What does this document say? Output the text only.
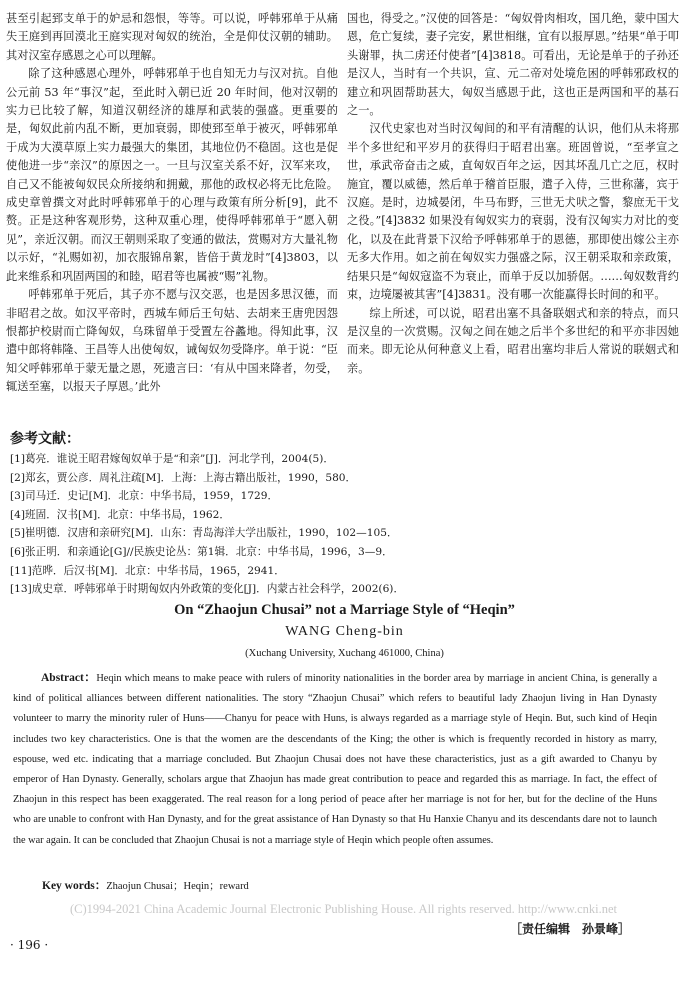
甚至引起郅支单于的妒忌和怨恨，等等。可以说，呼韩邪单于从痛失王庭到再回漠北王庭实现对匈奴的统治，全是仰仗汉朝的辅助。其对汉室存感恩之心可以理解。

除了这种感恩心理外，呼韩邪单于也自知无力与汉对抗。自他公元前 53 年“事汉”起，至此时入朝已近 20 年时间，他对汉朝的实力已比较了解，知道汉朝经济的雄厚和武装的强盛。更重要的是，匈奴此前内乱不断，更加衰弱，即使郅至单于被灭，呼韩邪单于成为大漠草原上实力最强大的集团，其地位仍不稳固。这也是促使他进一步“亲汉”的原因之一。一旦与汉室关系不好，汉军来攻，自己又不能被匈奴民众所接纳和拥戴，那他的政权必将无比危险。成史章曾撰文对此时呼韩邪单于的心理与政策有所分析[9]，此不赘。正是这种客观形势，这种双重心理，使得呼韩邪单于“愿入朝见”，亲近汉朝。而汉王朝则采取了变通的做法，赏赐对方大量礼物以示好，“礼赐如初，加衣服锦帛絮，皆倍于黄龙时”[4]3803，以此来维系和巩固两国的和睦，昭君等也属被“赐”礼物。

呼韩邪单于死后，其子亦不愿与汉交恶，也是因多思汉德，而非昭君之故。如汉平帝时，西城车师后王句姑、去胡来王唐兜因怨恨都护校尉而亡降匈奴，乌珠留单于受置左谷蠡地。得知此事，汉遣中郎将韩隆、王昌等人出使匈奴，诫匈奴勿受降序。单于说：“臣知父呼韩邪单于蒙无量之恩，死遗言曰：‘有从中国来降者，勿受，辄送至塞，以报天子厚恩。’此外

国也，得受之。”汉使的回答是：“匈奴骨肉相攻，国几绝，蒙中国大恩，危亡复续，妻子完安，累世相继，宜有以报厚恩。”结果“单于叩头谢罪，执二虏还付使者”[4]3818。可看出，无论是单于的子孙还是汉人，当时有一个共识，宣、元二帝对处境危困的呼韩邪政权的建立和巩固帮助甚大，匈奴当感恩于此，这也正是两国和平的基石之一。

汉代史家也对当时汉匈间的和平有清醒的认识，他们从未将那半个多世纪和平岁月的获得归于昭君出塞。班固曾说，“至孝宣之世，承武帝奋击之威，直匈奴百年之运，因其坏乱几亡之厄，权时施宜，覆以威德，然后单于稽首臣服，遣子入侍，三世称藩，宾于汉庭。是时，边城晏闭，牛马布野，三世无犬吠之警，黎庶无干戈之役。”[4]3832 如果没有匈奴实力的衰弱，没有汉匈实力对比的变化，以及在此背景下汉给予呼韩邪单于的恩德，那即使出嫁公主亦无多大作用。如之前在匈奴实力强盛之际，汉王朝采取和亲政策，结果只是“匈奴寇盗不为衰止，而单于反以加骄倨。……匈奴数背约束，边境屡被其害”[4]3831。没有哪一次能赢得长时间的和平。

综上所述，可以说，昭君出塞不具备联姻式和亲的特点，而只是汉皇的一次赏赐。汉匈之间在她之后半个多世纪的和平亦非因她而来。即无论从何种意义上看，昭君出塞均非后人常说的联姻式和亲。

参考文献：
[1]葛亮．谁说王昭君嫁匈奴单于是“和亲”[J]．河北学刊，2004(5)．
[2]郑玄，贾公彦．周礼注疏[M]．上海：上海古籍出版社，1990，580．
[3]司马迁．史记[M]．北京：中华书局，1959，1729．
[4]班固．汉书[M]．北京：中华书局，1962．
[5]崔明德．汉唐和亲研究[M]．山东：青岛海洋大学出版社，1990，102—105．
[6]张正明．和亲通论[G]//民族史论丛：第1辑．北京：中华书局，1996，3—9．
[11]范晔．后汉书[M]．北京：中华书局，1965，2941．
[13]成史章．呼韩邪单于时期匈奴内外政策的变化[J]．内蒙古社会科学，2002(6)．
On “Zhaojun Chusai” not a Marriage Style of “Heqin”

WANG Cheng-bin

(Xuchang University, Xuchang 461000, China)

Abstract：Heqin which means to make peace with rulers of minority nationalities in the border area by marriage in ancient China, is generally a kind of political alliances between different nationalities. The story “Zhaojun Chusai” which refers to beautiful lady Zhaojun living in Han Dynasty volunteer to marry the minority ruler of Huns——Chanyu for peace with Huns, is always regarded as a marriage style of Heqin. But, such kind of Heqin includes two key characteristics. One is that the women are the descendants of the King; the other is which is frequently recorded in history as marry, espouse, wed etc. indicating that a marriage concluded. But Zhaojun Chusai does not have these characteristics, just as a gift awarded to Chanyu by emperor of Han Dynasty. Generally, scholars argue that Zhaojun has made great contribution to peace and regarded this as marriage. In fact, the effect of Zhaojun in this respect has been exaggerated. The real reason for a long period of peace after her marriage is not for her, but for the decline of the Huns who are unable to confront with Han Dynasty, and for the great assistance of Han Dynasty so that Hu Hanxie Chanyu and its descendants dare not to launch the war again. It can be concluded that Zhaojun Chusai is not a marriage style of Heqin which people often assumes.

Key words：Zhaojun Chusai；Heqin；reward

(C)1994-2021 China Academic Journal Electronic Publishing House. All rights reserved. http://www.cnki.net

［责任编辑　孙景峰］

· 196 ·
